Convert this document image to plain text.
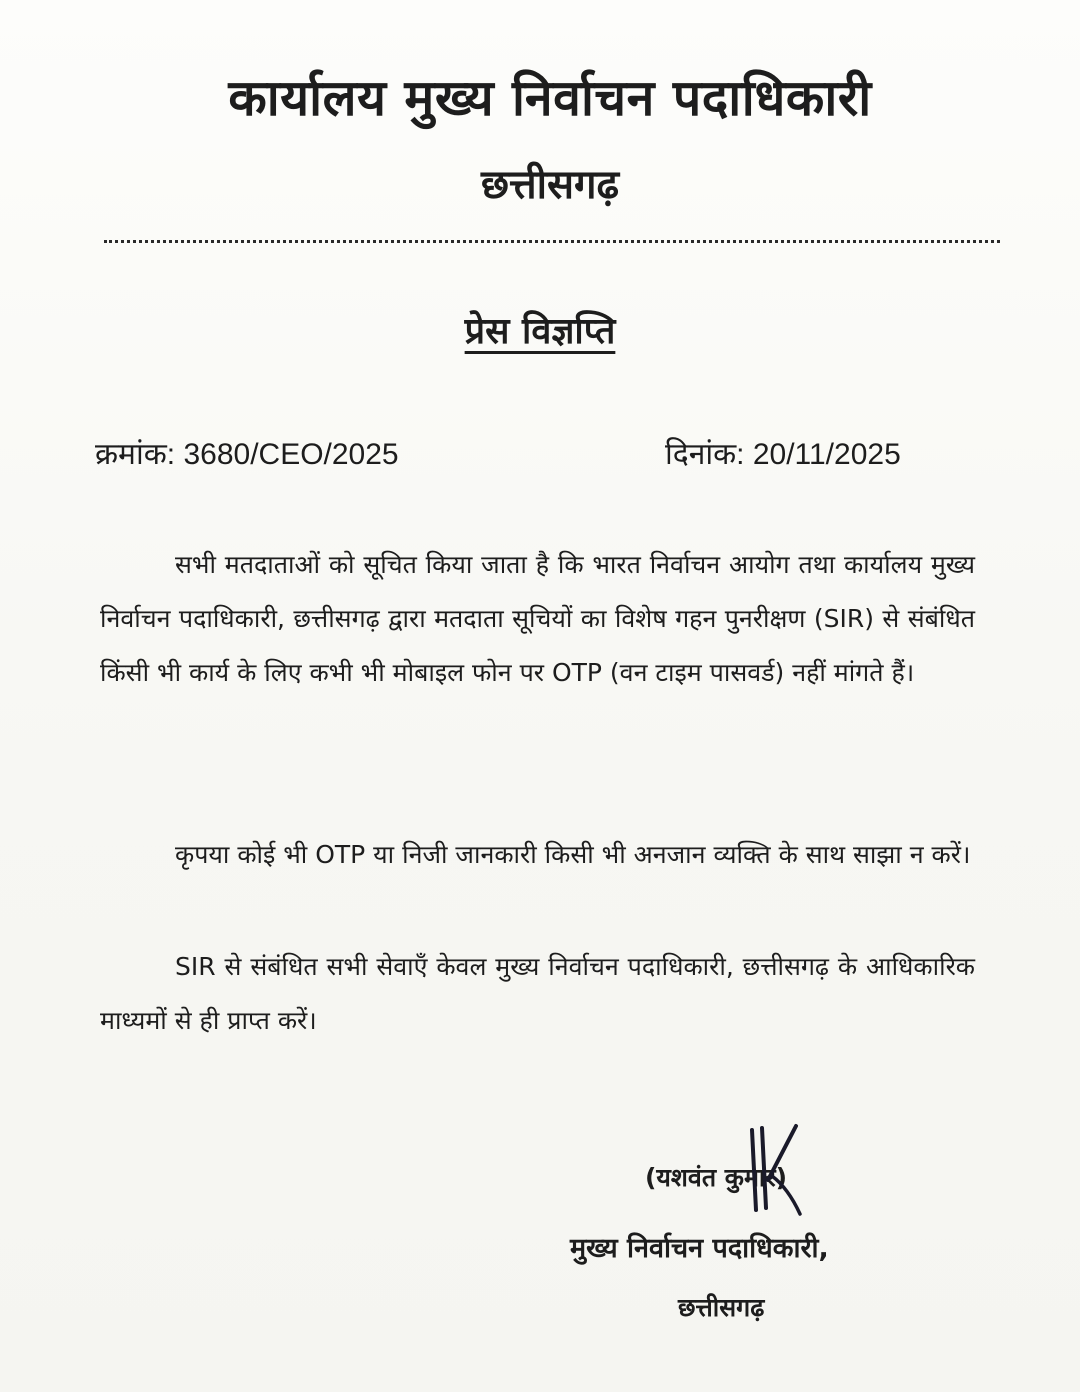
कार्यालय मुख्य निर्वाचन पदाधिकारी
छत्तीसगढ़
प्रेस विज्ञप्ति
क्रमांक: 3680/CEO/2025	दिनांक: 20/11/2025

सभी मतदाताओं को सूचित किया जाता है कि भारत निर्वाचन आयोग तथा कार्यालय मुख्य निर्वाचन पदाधिकारी, छत्तीसगढ़ द्वारा मतदाता सूचियों का विशेष गहन पुनरीक्षण (SIR) से संबंधित किंसी भी कार्य के लिए कभी भी मोबाइल फोन पर OTP (वन टाइम पासवर्ड) नहीं मांगते हैं।

कृपया कोई भी OTP या निजी जानकारी किसी भी अनजान व्यक्ति के साथ साझा न करें।

SIR से संबंधित सभी सेवाएँ केवल मुख्य निर्वाचन पदाधिकारी, छत्तीसगढ़ के आधिकारिक माध्यमों से ही प्राप्त करें।

(यशवंत कुमार)
मुख्य निर्वाचन पदाधिकारी,
छत्तीसगढ़
